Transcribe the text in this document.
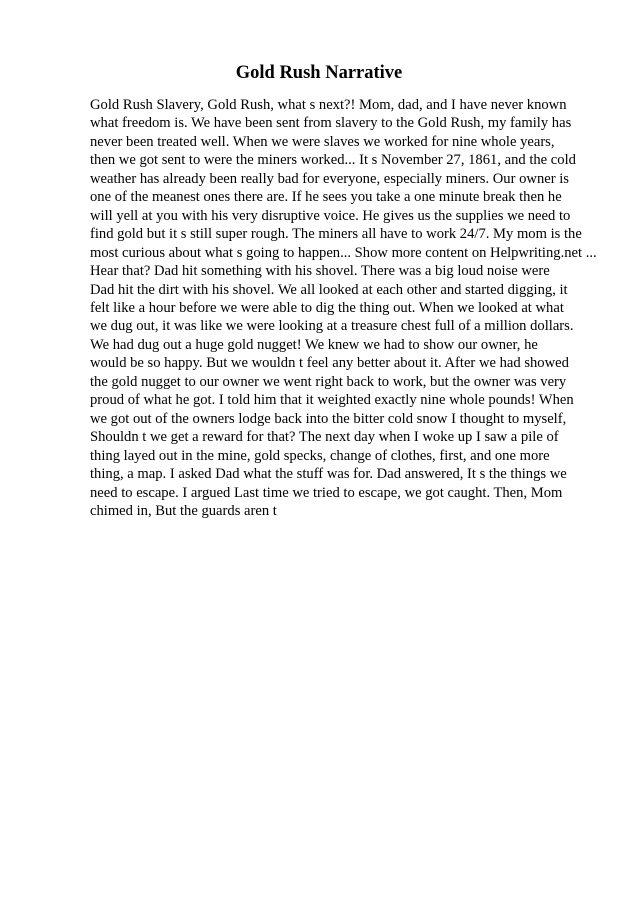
Gold Rush Narrative
Gold Rush Slavery, Gold Rush, what s next?! Mom, dad, and I have never known
what freedom is. We have been sent from slavery to the Gold Rush, my family has
never been treated well. When we were slaves we worked for nine whole years,
then we got sent to were the miners worked... It s November 27, 1861, and the cold
weather has already been really bad for everyone, especially miners. Our owner is
one of the meanest ones there are. If he sees you take a one minute break then he
will yell at you with his very disruptive voice. He gives us the supplies we need to
find gold but it s still super rough. The miners all have to work 24/7. My mom is the
most curious about what s going to happen... Show more content on Helpwriting.net ...
Hear that? Dad hit something with his shovel. There was a big loud noise were
Dad hit the dirt with his shovel. We all looked at each other and started digging, it
felt like a hour before we were able to dig the thing out. When we looked at what
we dug out, it was like we were looking at a treasure chest full of a million dollars.
We had dug out a huge gold nugget! We knew we had to show our owner, he
would be so happy. But we wouldn t feel any better about it. After we had showed
the gold nugget to our owner we went right back to work, but the owner was very
proud of what he got. I told him that it weighted exactly nine whole pounds! When
we got out of the owners lodge back into the bitter cold snow I thought to myself,
Shouldn t we get a reward for that? The next day when I woke up I saw a pile of
thing layed out in the mine, gold specks, change of clothes, first, and one more
thing, a map. I asked Dad what the stuff was for. Dad answered, It s the things we
need to escape. I argued Last time we tried to escape, we got caught. Then, Mom
chimed in, But the guards aren t
